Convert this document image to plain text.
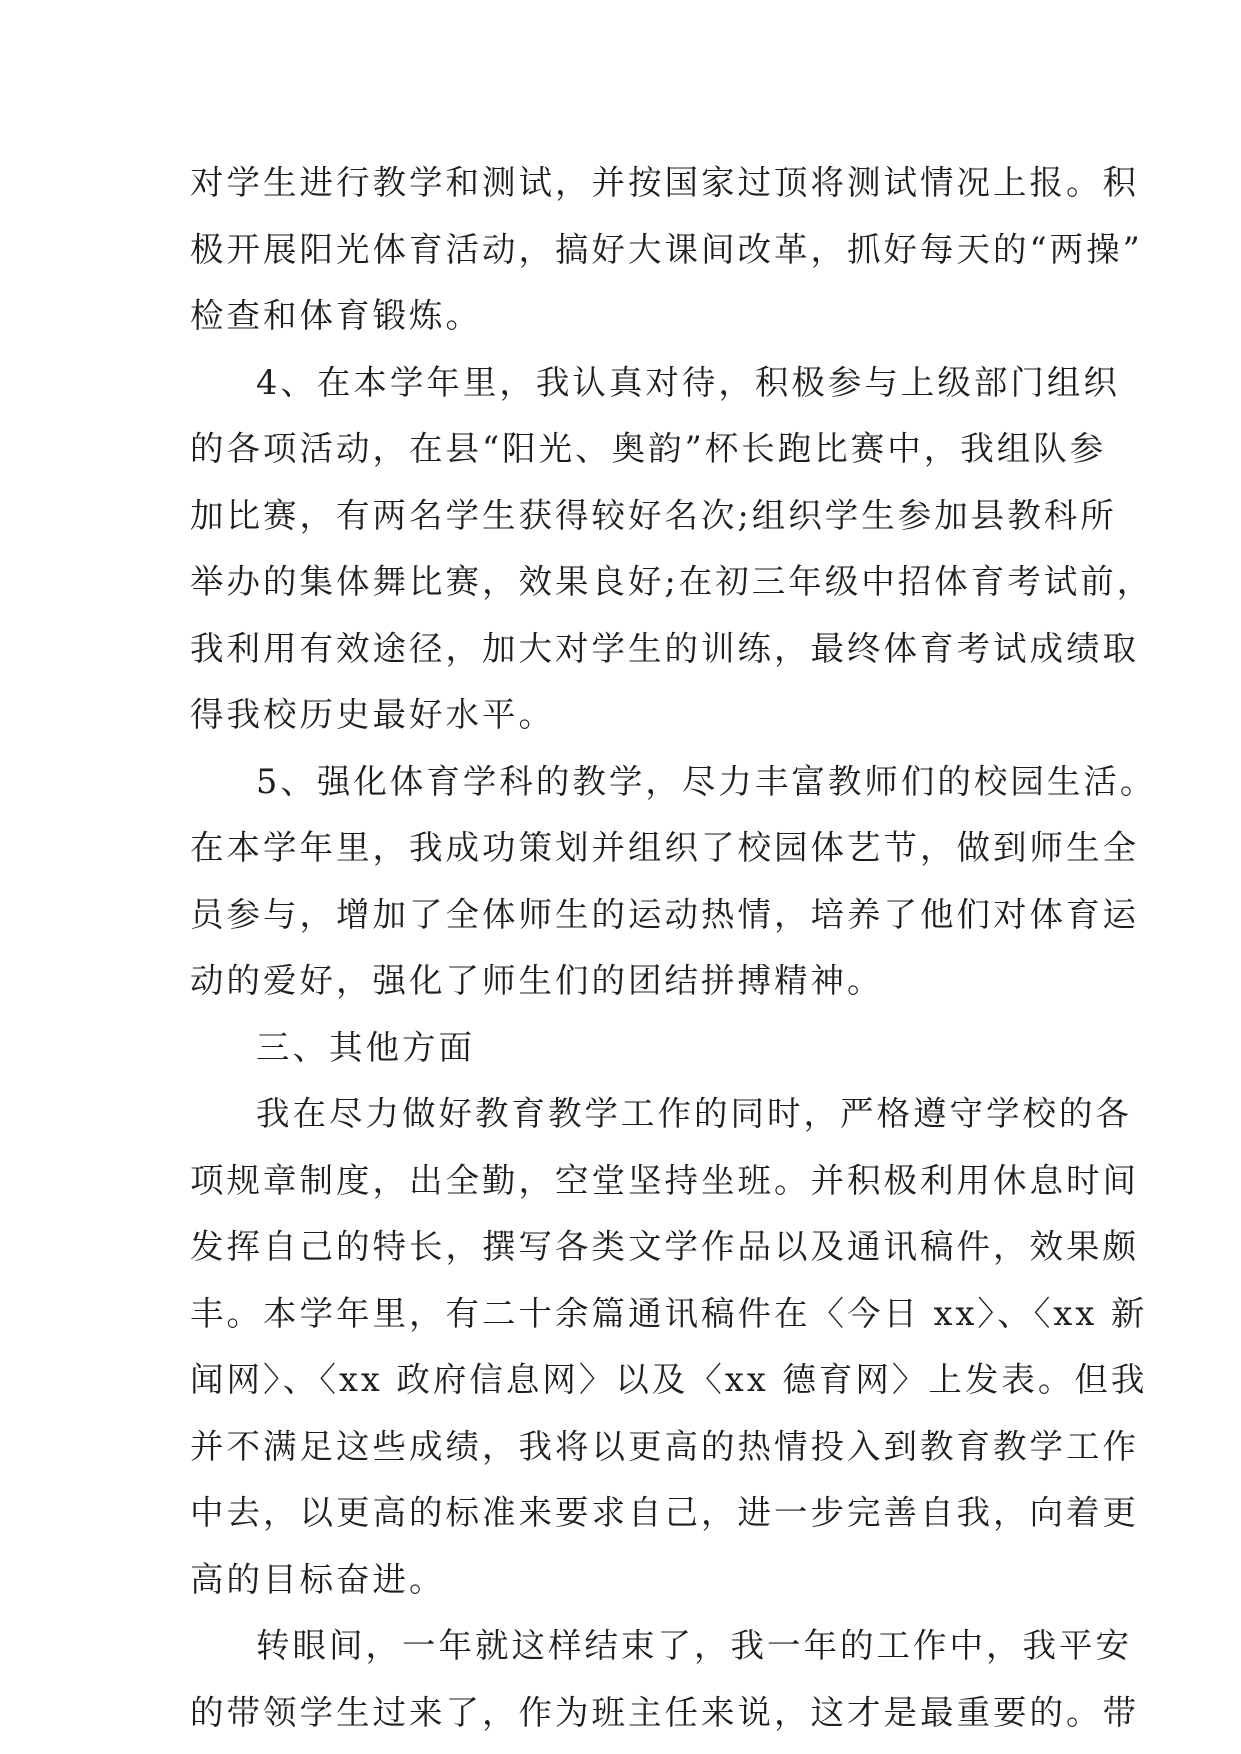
对学生进行教学和测试，并按国家过顶将测试情况上报。积
极开展阳光体育活动，搞好大课间改革，抓好每天的“两操”
检查和体育锻炼。
4、在本学年里，我认真对待，积极参与上级部门组织
的各项活动，在县“阳光、奥韵”杯长跑比赛中，我组队参
加比赛，有两名学生获得较好名次;组织学生参加县教科所
举办的集体舞比赛，效果良好;在初三年级中招体育考试前，
我利用有效途径，加大对学生的训练，最终体育考试成绩取
得我校历史最好水平。
5、强化体育学科的教学，尽力丰富教师们的校园生活。
在本学年里，我成功策划并组织了校园体艺节，做到师生全
员参与，增加了全体师生的运动热情，培养了他们对体育运
动的爱好，强化了师生们的团结拼搏精神。
三、其他方面
我在尽力做好教育教学工作的同时，严格遵守学校的各
项规章制度，出全勤，空堂坚持坐班。并积极利用休息时间
发挥自己的特长，撰写各类文学作品以及通讯稿件，效果颇
丰。本学年里，有二十余篇通讯稿件在〈今日 xx〉、〈xx 新
闻网〉、〈xx 政府信息网〉以及〈xx 德育网〉上发表。但我
并不满足这些成绩，我将以更高的热情投入到教育教学工作
中去，以更高的标准来要求自己，进一步完善自我，向着更
高的目标奋进。
转眼间，一年就这样结束了，我一年的工作中，我平安
的带领学生过来了，作为班主任来说，这才是最重要的。带
